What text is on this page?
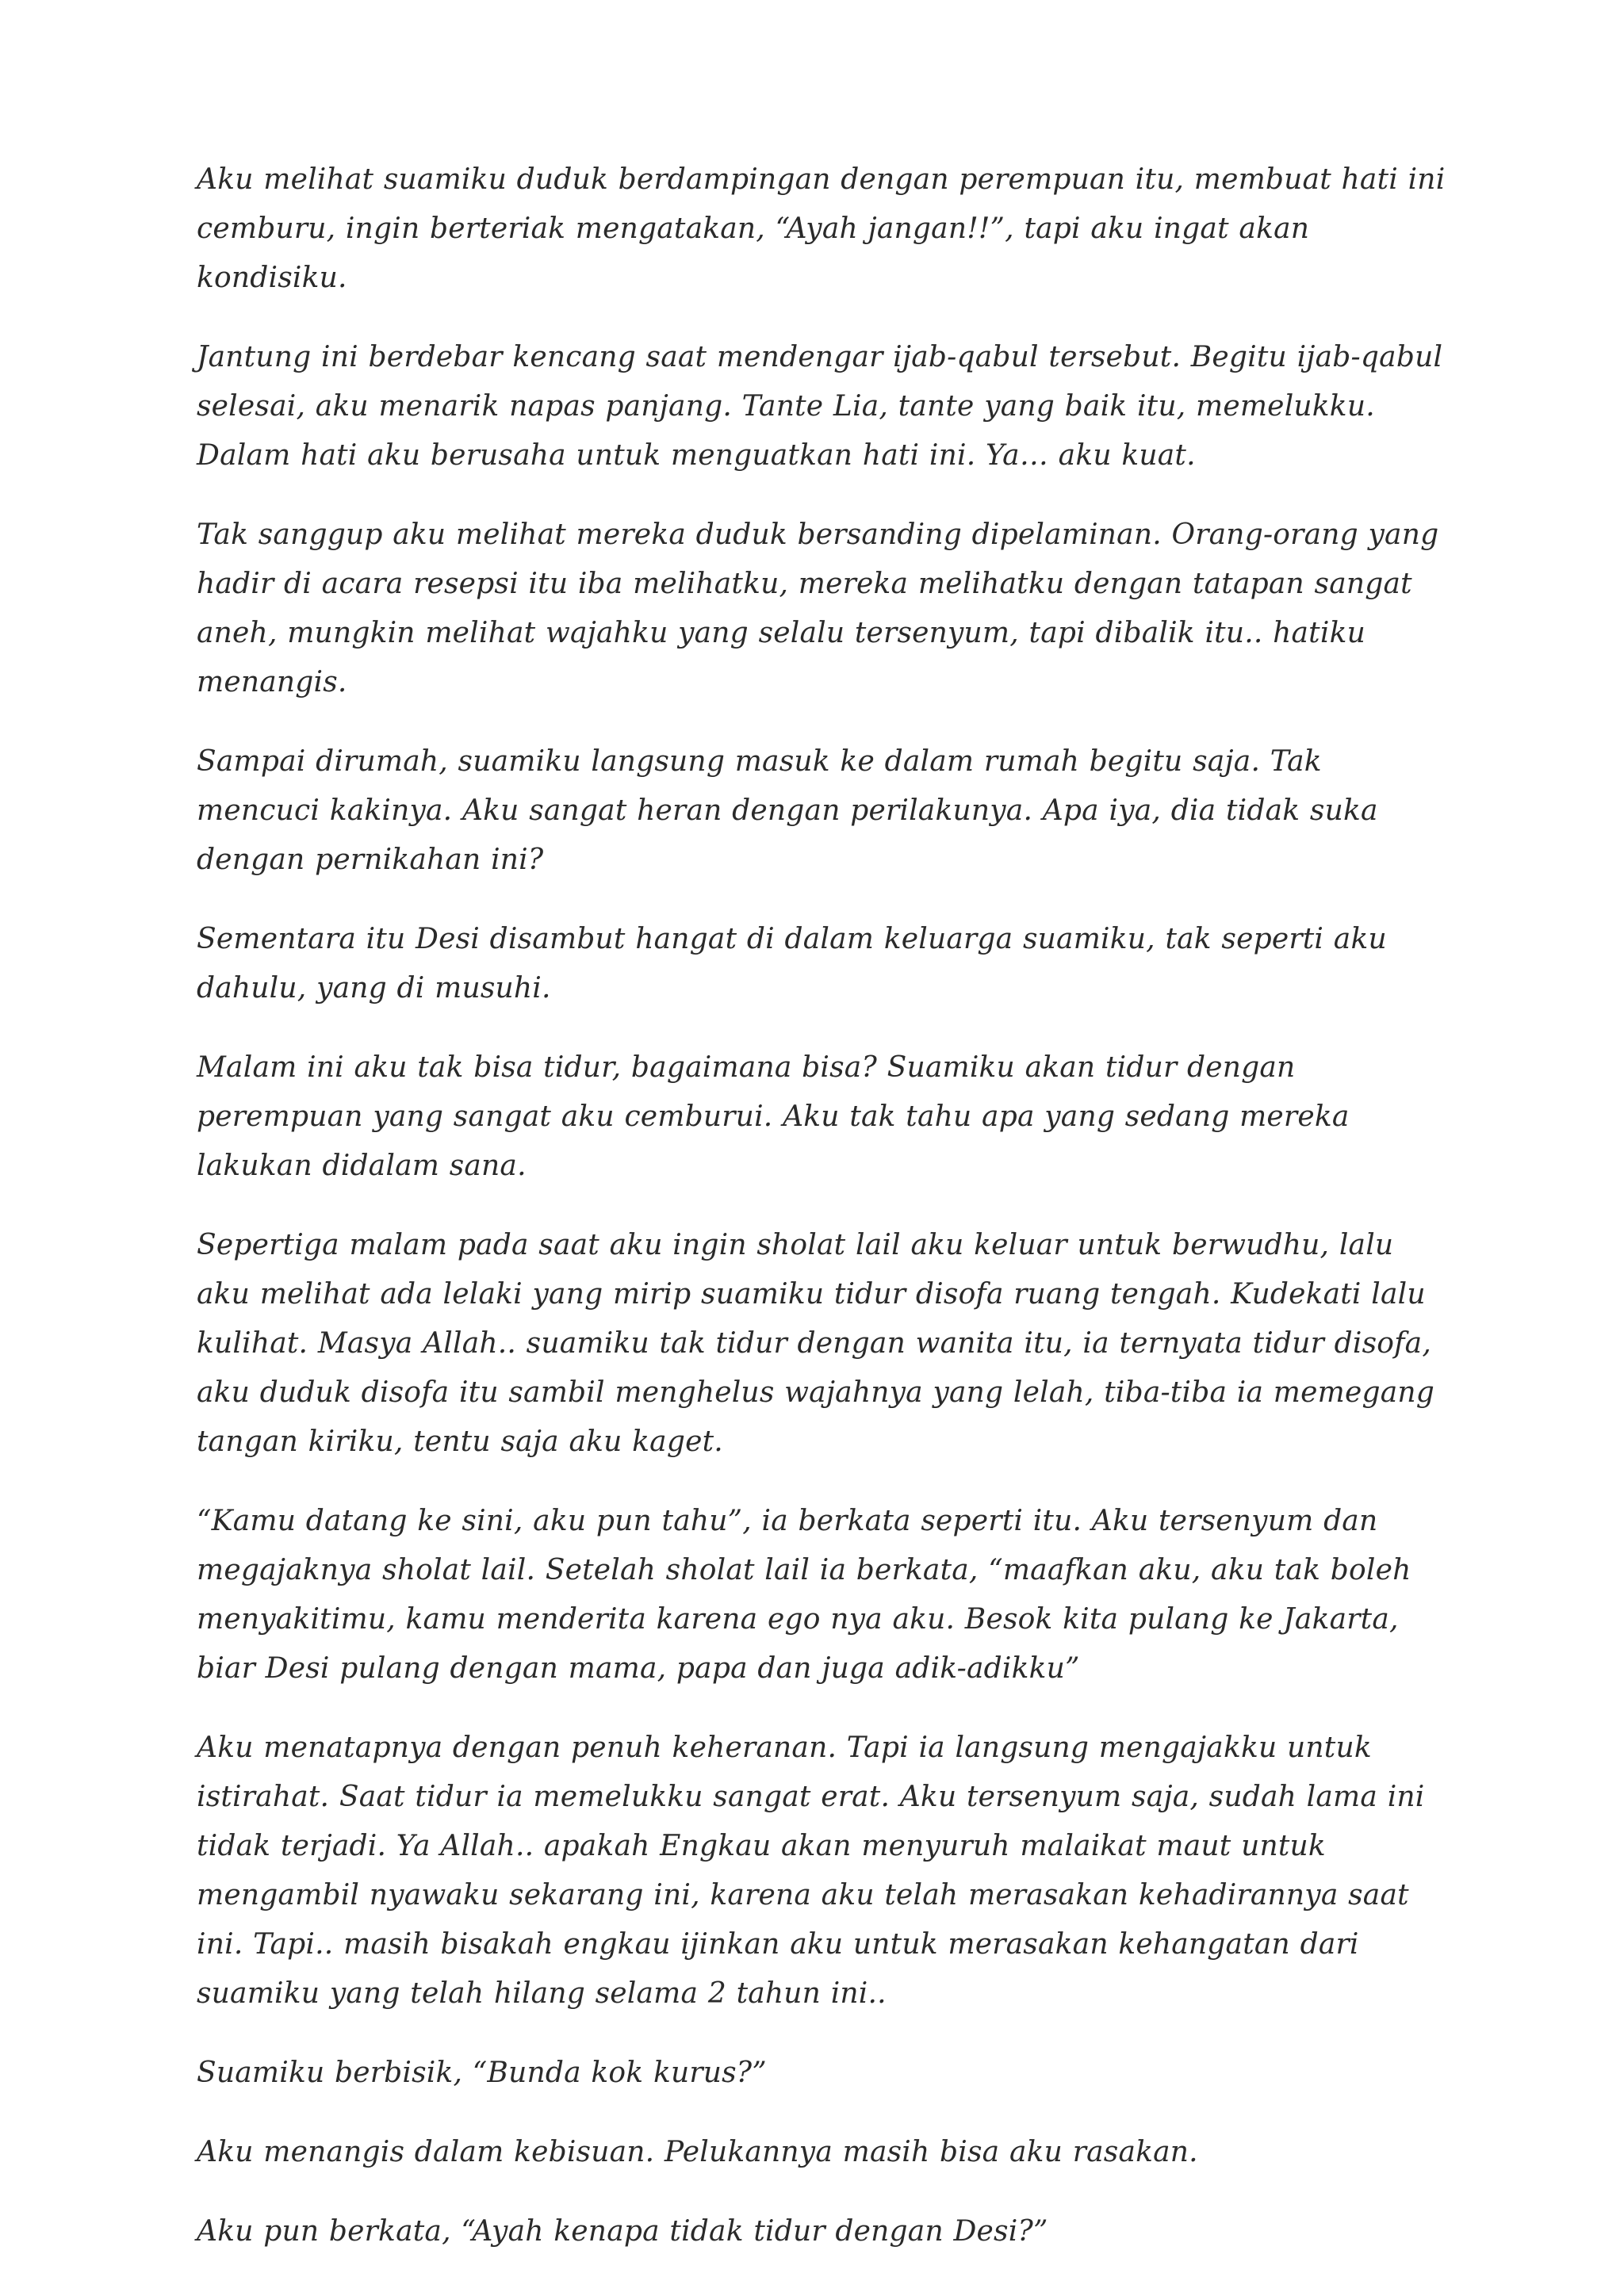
Aku melihat suamiku duduk berdampingan dengan perempuan itu, membuat hati ini cemburu, ingin berteriak mengatakan, “Ayah jangan!!”, tapi aku ingat akan kondisiku.

Jantung ini berdebar kencang saat mendengar ijab-qabul tersebut. Begitu ijab-qabul selesai, aku menarik napas panjang. Tante Lia, tante yang baik itu, memelukku. Dalam hati aku berusaha untuk menguatkan hati ini. Ya… aku kuat.

Tak sanggup aku melihat mereka duduk bersanding dipelaminan. Orang-orang yang hadir di acara resepsi itu iba melihatku, mereka melihatku dengan tatapan sangat aneh, mungkin melihat wajahku yang selalu tersenyum, tapi dibalik itu.. hatiku menangis.

Sampai dirumah, suamiku langsung masuk ke dalam rumah begitu saja. Tak mencuci kakinya. Aku sangat heran dengan perilakunya. Apa iya, dia tidak suka dengan pernikahan ini?

Sementara itu Desi disambut hangat di dalam keluarga suamiku, tak seperti aku dahulu, yang di musuhi.

Malam ini aku tak bisa tidur, bagaimana bisa? Suamiku akan tidur dengan perempuan yang sangat aku cemburui. Aku tak tahu apa yang sedang mereka lakukan didalam sana.

Sepertiga malam pada saat aku ingin sholat lail aku keluar untuk berwudhu, lalu aku melihat ada lelaki yang mirip suamiku tidur disofa ruang tengah. Kudekati lalu kulihat. Masya Allah.. suamiku tak tidur dengan wanita itu, ia ternyata tidur disofa, aku duduk disofa itu sambil menghelus wajahnya yang lelah, tiba-tiba ia memegang tangan kiriku, tentu saja aku kaget.

“Kamu datang ke sini, aku pun tahu”, ia berkata seperti itu. Aku tersenyum dan megajaknya sholat lail. Setelah sholat lail ia berkata, “maafkan aku, aku tak boleh menyakitimu, kamu menderita karena ego nya aku. Besok kita pulang ke Jakarta, biar Desi pulang dengan mama, papa dan juga adik-adikku”

Aku menatapnya dengan penuh keheranan. Tapi ia langsung mengajakku untuk istirahat. Saat tidur ia memelukku sangat erat. Aku tersenyum saja, sudah lama ini tidak terjadi. Ya Allah.. apakah Engkau akan menyuruh malaikat maut untuk mengambil nyawaku sekarang ini, karena aku telah merasakan kehadirannya saat ini. Tapi.. masih bisakah engkau ijinkan aku untuk merasakan kehangatan dari suamiku yang telah hilang selama 2 tahun ini..

Suamiku berbisik, “Bunda kok kurus?”

Aku menangis dalam kebisuan. Pelukannya masih bisa aku rasakan.

Aku pun berkata, “Ayah kenapa tidak tidur dengan Desi?”
